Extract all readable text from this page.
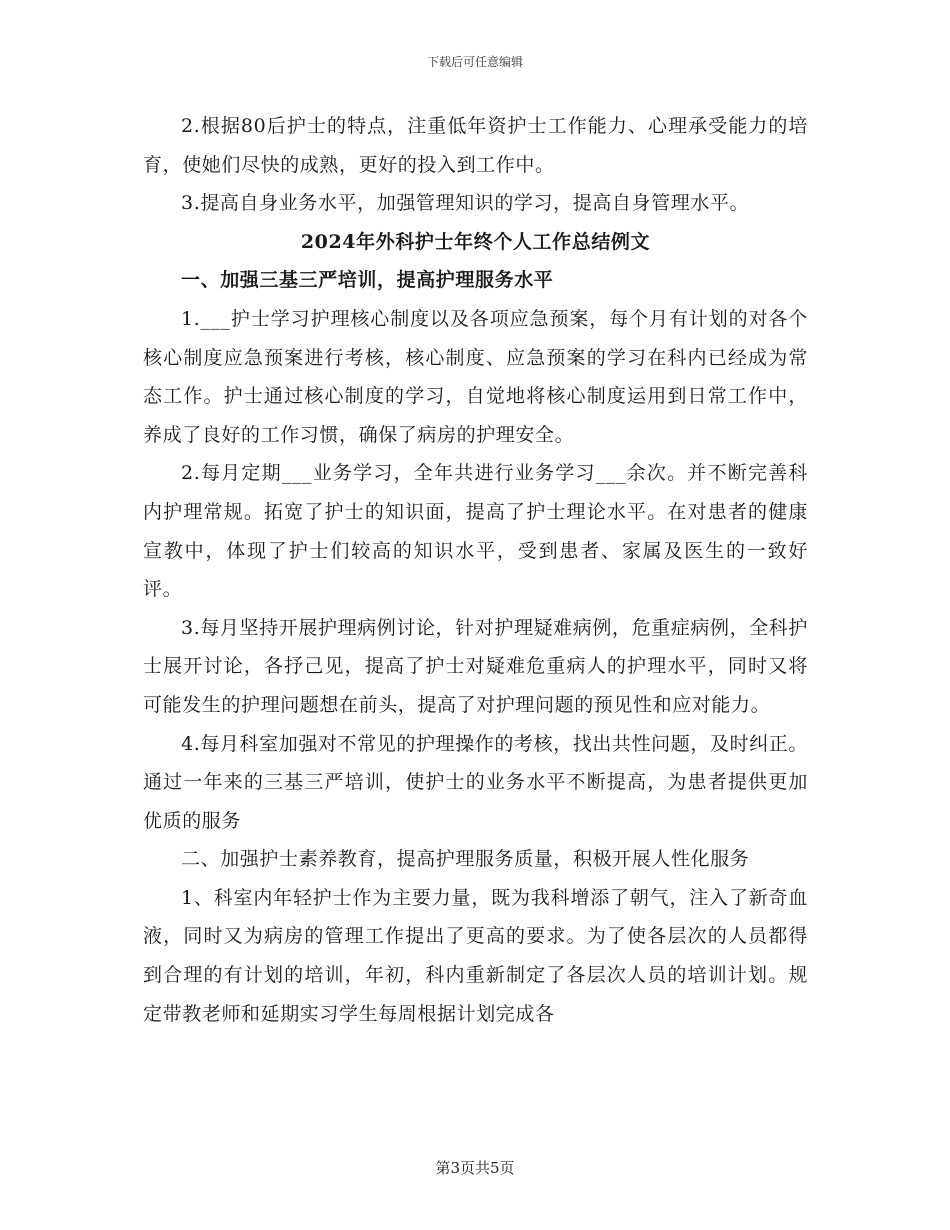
下载后可任意编辑

2.根据80后护士的特点，注重低年资护士工作能力、心理承受能力的培育，使她们尽快的成熟，更好的投入到工作中。

3.提高自身业务水平，加强管理知识的学习，提高自身管理水平。

2024年外科护士年终个人工作总结例文

一、加强三基三严培训，提高护理服务水平

1.___护士学习护理核心制度以及各项应急预案，每个月有计划的对各个核心制度应急预案进行考核，核心制度、应急预案的学习在科内已经成为常态工作。护士通过核心制度的学习，自觉地将核心制度运用到日常工作中，养成了良好的工作习惯，确保了病房的护理安全。

2.每月定期___业务学习，全年共进行业务学习___余次。并不断完善科内护理常规。拓宽了护士的知识面，提高了护士理论水平。在对患者的健康宣教中，体现了护士们较高的知识水平，受到患者、家属及医生的一致好评。

3.每月坚持开展护理病例讨论，针对护理疑难病例，危重症病例，全科护士展开讨论，各抒己见，提高了护士对疑难危重病人的护理水平，同时又将可能发生的护理问题想在前头，提高了对护理问题的预见性和应对能力。

4.每月科室加强对不常见的护理操作的考核，找出共性问题，及时纠正。通过一年来的三基三严培训，使护士的业务水平不断提高，为患者提供更加优质的服务

二、加强护士素养教育，提高护理服务质量，积极开展人性化服务

1、科室内年轻护士作为主要力量，既为我科增添了朝气，注入了新奇血液，同时又为病房的管理工作提出了更高的要求。为了使各层次的人员都得到合理的有计划的培训，年初，科内重新制定了各层次人员的培训计划。规定带教老师和延期实习学生每周根据计划完成各

第3页共5页
